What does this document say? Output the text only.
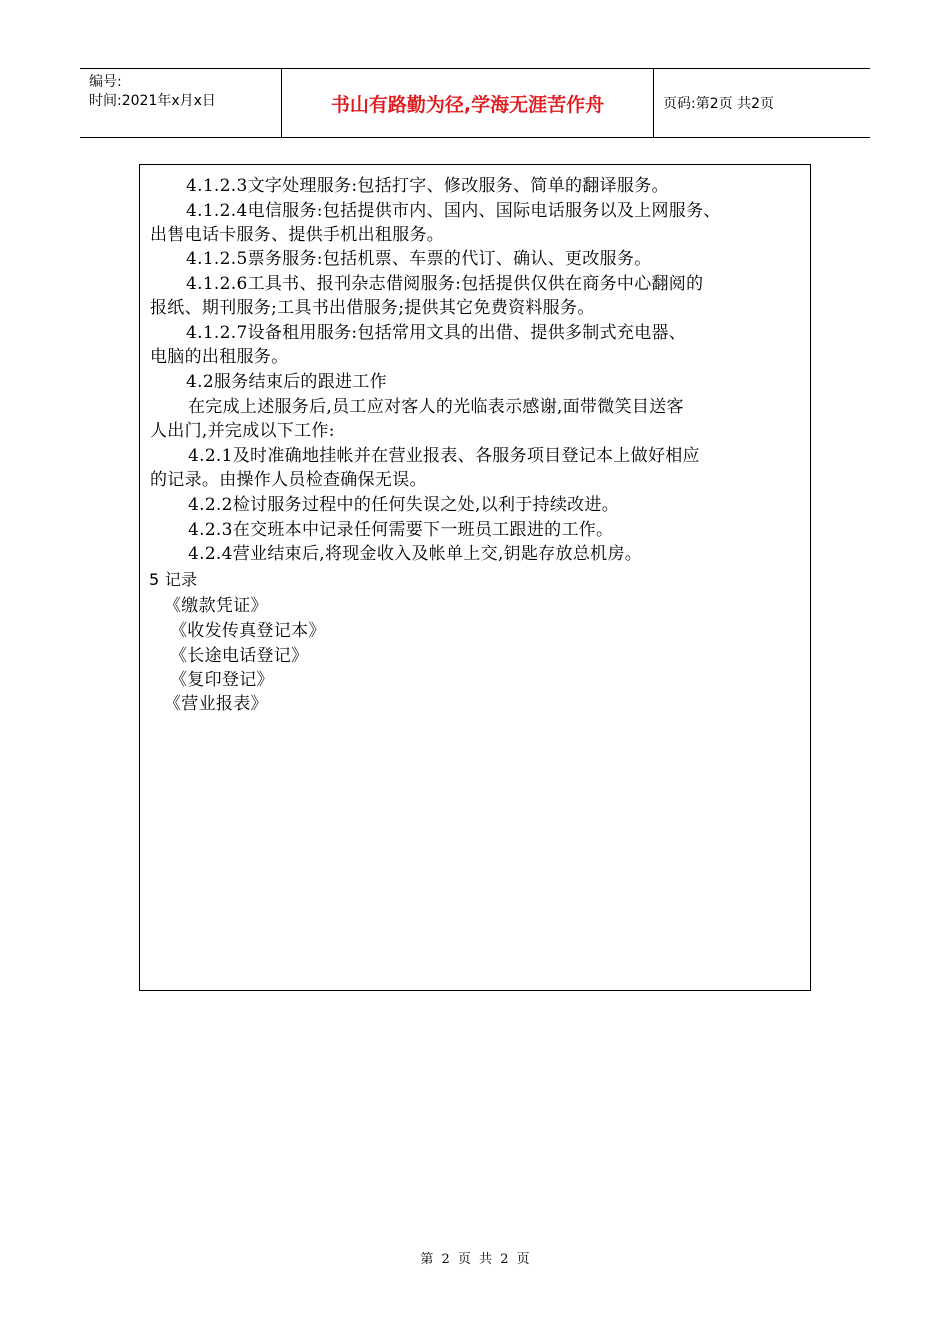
编号:
时间:2021年x月x日	书山有路勤为径,学海无涯苦作舟	页码:第2页 共2页
4.1.2.3文字处理服务:包括打字、修改服务、简单的翻译服务。
4.1.2.4电信服务:包括提供市内、国内、国际电话服务以及上网服务、
出售电话卡服务、提供手机出租服务。
4.1.2.5票务服务:包括机票、车票的代订、确认、更改服务。
4.1.2.6工具书、报刊杂志借阅服务:包括提供仅供在商务中心翻阅的
报纸、期刊服务;工具书出借服务;提供其它免费资料服务。
4.1.2.7设备租用服务:包括常用文具的出借、提供多制式充电器、
电脑的出租服务。
4.2服务结束后的跟进工作
在完成上述服务后,员工应对客人的光临表示感谢,面带微笑目送客
人出门,并完成以下工作:
4.2.1及时准确地挂帐并在营业报表、各服务项目登记本上做好相应
的记录。由操作人员检查确保无误。
4.2.2检讨服务过程中的任何失误之处,以利于持续改进。
4.2.3在交班本中记录任何需要下一班员工跟进的工作。
4.2.4营业结束后,将现金收入及帐单上交,钥匙存放总机房。
5 记录
《缴款凭证》
《收发传真登记本》
《长途电话登记》
《复印登记》
《营业报表》
第 2 页 共 2 页
